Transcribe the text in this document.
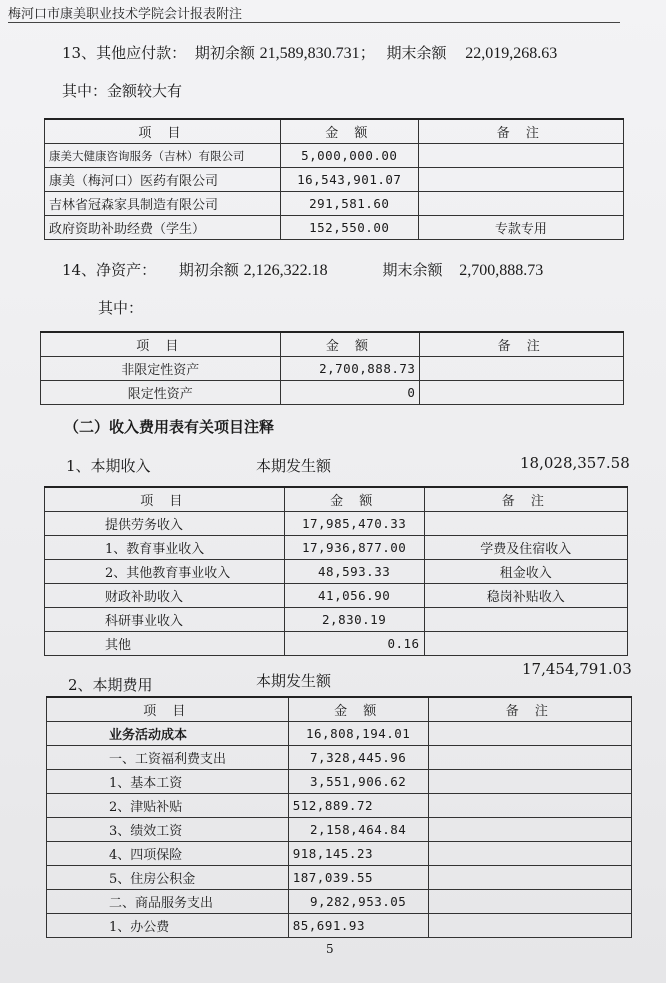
梅河口市康美职业技术学院会计报表附注
13、其他应付款： 期初余额 21,589,830.731； 期末余额 22,019,268.63
其中：金额较大有
项 目	金 额	备 注
康美大健康咨询服务（吉林）有限公司	5,000,000.00	
康美（梅河口）医药有限公司	16,543,901.07	
吉林省冠森家具制造有限公司	291,581.60	
政府资助补助经费（学生）	152,550.00	专款专用
14、净资产： 期初余额 2,126,322.18	期末余额 2,700,888.73
其中：
项 目	金 额	备 注
非限定性资产	2,700,888.73	
限定性资产	0	
（二）收入费用表有关项目注释
1、本期收入	本期发生额	18,028,357.58
项 目	金 额	备 注
提供劳务收入	17,985,470.33	
1、教育事业收入	17,936,877.00	学费及住宿收入
2、其他教育事业收入	48,593.33	租金收入
财政补助收入	41,056.90	稳岗补贴收入
科研事业收入	2,830.19	
其他	0.16	
2、本期费用	本期发生额
17,454,791.03
项 目	金 额	备 注
业务活动成本	16,808,194.01	
一、工资福利费支出	7,328,445.96	
1、基本工资	3,551,906.62	
2、津贴补贴	512,889.72	
3、绩效工资	2,158,464.84	
4、四项保险	918,145.23	
5、住房公积金	187,039.55	
二、商品服务支出	9,282,953.05	
1、办公费	85,691.93	
5
